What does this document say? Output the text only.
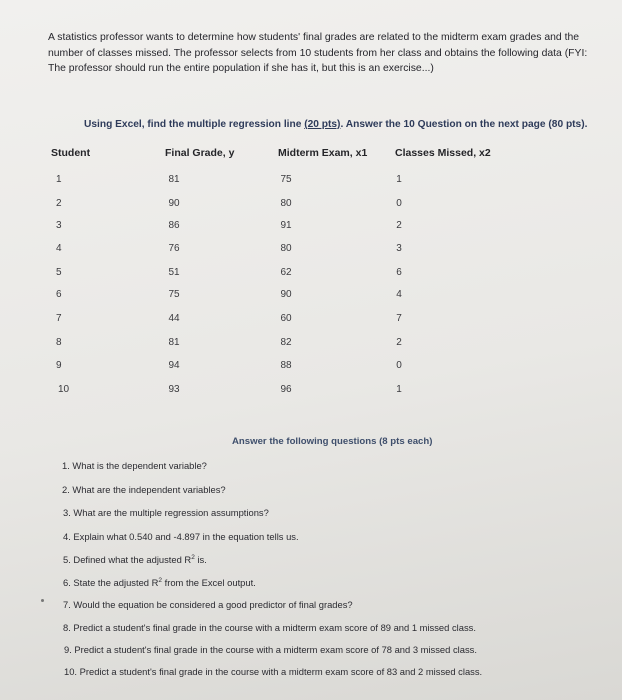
A statistics professor wants to determine how students' final grades are related to the midterm exam grades and the number of classes missed. The professor selects from 10 students from her class and obtains the following data (FYI: The professor should run the entire population if she has it, but this is an exercise...)
Using Excel, find the multiple regression line (20 pts). Answer the 10 Question on the next page (80 pts).
Student	Final Grade, y	Midterm Exam, x1	Classes Missed, x2
1	81	75	1
2	90	80	0
3	86	91	2
4	76	80	3
5	51	62	6
6	75	90	4
7	44	60	7
8	81	82	2
9	94	88	0
10	93	96	1
Answer the following questions (8 pts each)
1. What is the dependent variable?
2. What are the independent variables?
3. What are the multiple regression assumptions?
4. Explain what 0.540 and -4.897 in the equation tells us.
5. Defined what the adjusted $R^2$ is.
6. State the adjusted $R^2$ from the Excel output.
7. Would the equation be considered a good predictor of final grades?
8. Predict a student's final grade in the course with a midterm exam score of 89 and 1 missed class.
9. Predict a student's final grade in the course with a midterm exam score of 78 and 3 missed class.
10. Predict a student's final grade in the course with a midterm exam score of 83 and 2 missed class.
